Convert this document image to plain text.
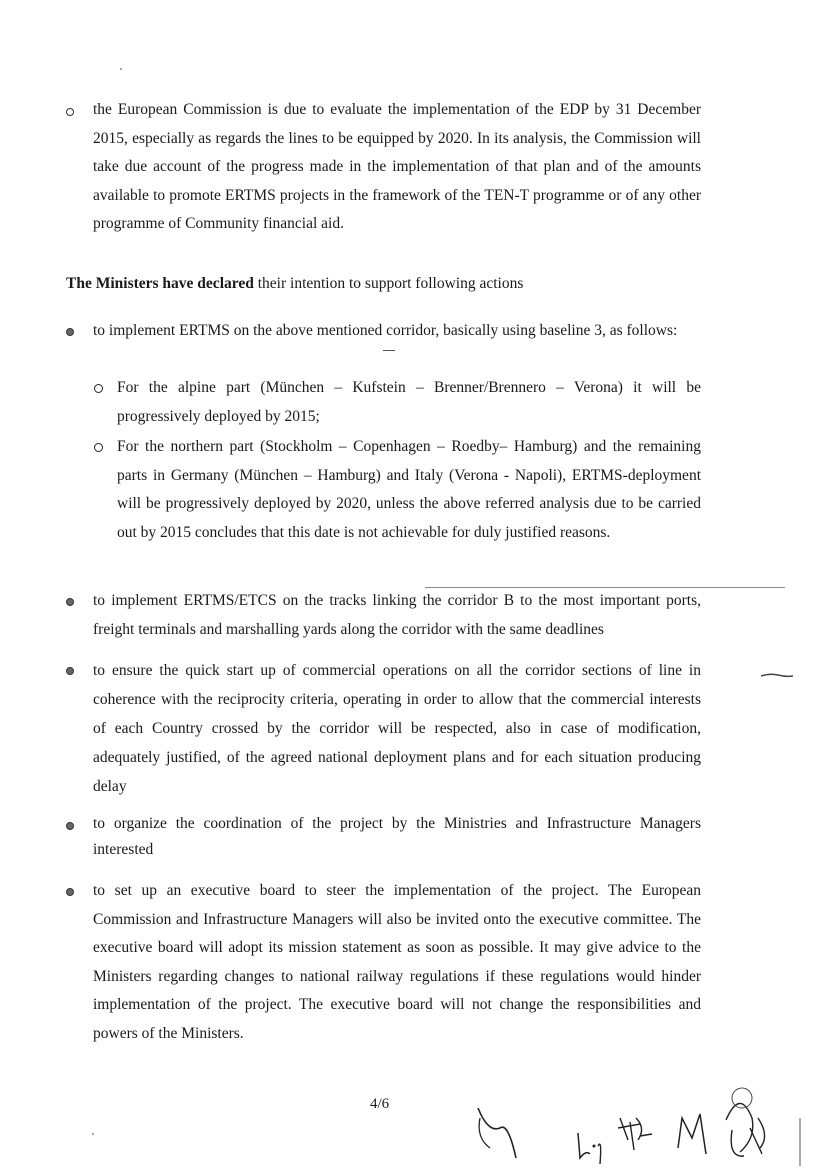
the European Commission is due to evaluate the implementation of the EDP by 31 December 2015, especially as regards the lines to be equipped by 2020. In its analysis, the Commission will take due account of the progress made in the implementation of that plan and of the amounts available to promote ERTMS projects in the framework of the TEN-T programme or of any other programme of Community financial aid.
The Ministers have declared their intention to support following actions
to implement ERTMS on the above mentioned corridor, basically using baseline 3, as follows:
For the alpine part (München – Kufstein – Brenner/Brennero – Verona) it will be progressively deployed by 2015;
For the northern part (Stockholm – Copenhagen – Roedby– Hamburg) and the remaining parts in Germany (München – Hamburg) and Italy (Verona - Napoli), ERTMS-deployment will be progressively deployed by 2020, unless the above referred analysis due to be carried out by 2015 concludes that this date is not achievable for duly justified reasons.
to implement ERTMS/ETCS on the tracks linking the corridor B to the most important ports, freight terminals and marshalling yards along the corridor with the same deadlines
to ensure the quick start up of commercial operations on all the corridor sections of line in coherence with the reciprocity criteria, operating in order to allow that the commercial interests of each Country crossed by the corridor will be respected, also in case of modification, adequately justified, of the agreed national deployment plans and for each situation producing delay
to organize the coordination of the project by the Ministries and Infrastructure Managers interested
to set up an executive board to steer the implementation of the project. The European Commission and Infrastructure Managers will also be invited onto the executive committee. The executive board will adopt its mission statement as soon as possible. It may give advice to the Ministers regarding changes to national railway regulations if these regulations would hinder implementation of the project. The executive board will not change the responsibilities and powers of the Ministers.
4/6
